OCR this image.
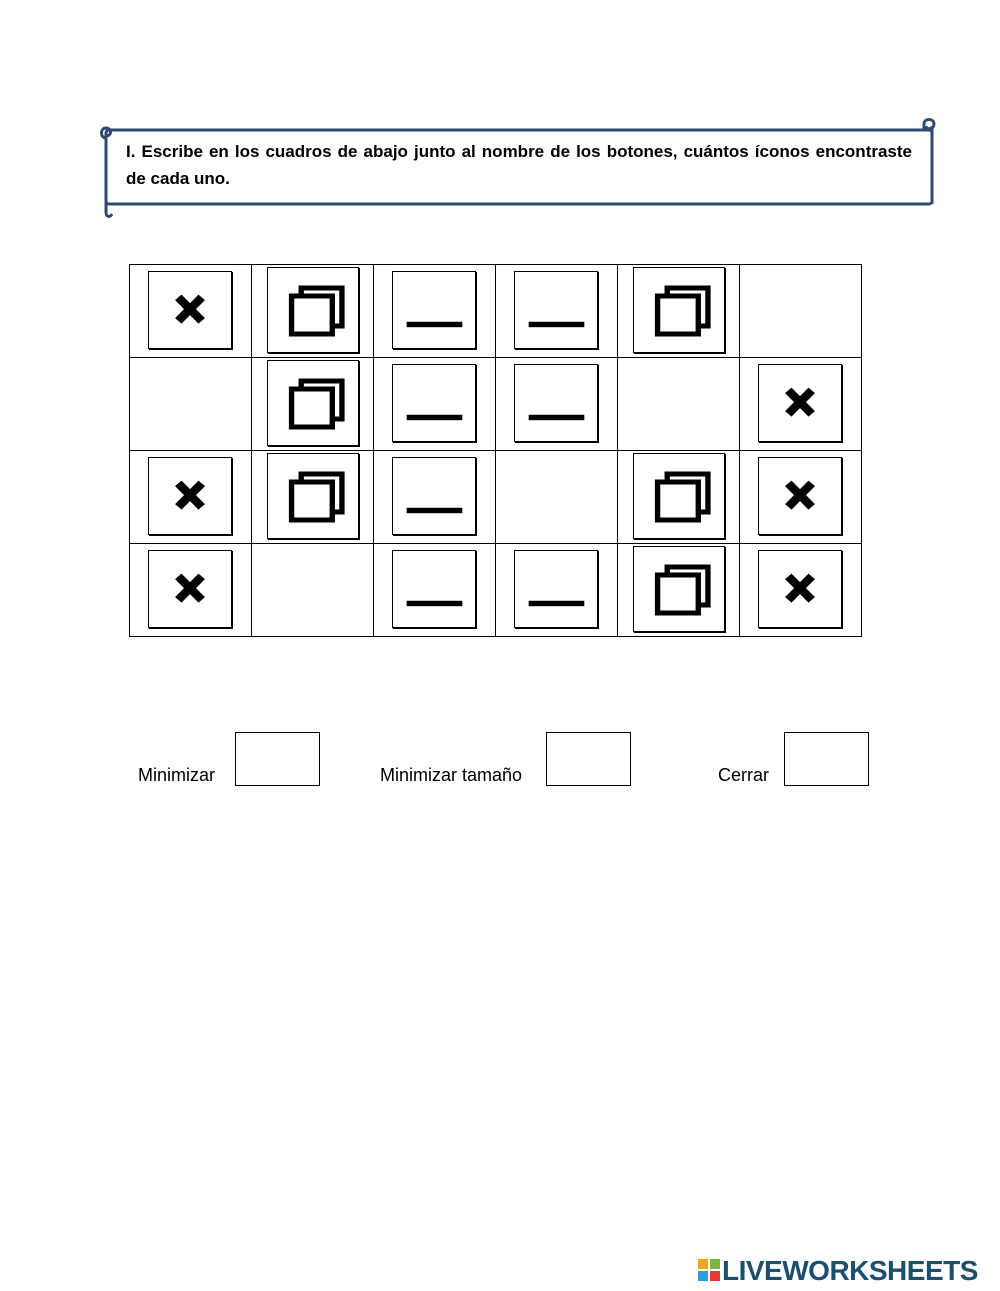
I. Escribe en los cuadros de abajo junto al nombre de los botones, cuántos íconos encontraste de cada uno.

Minimizar	Minimizar tamaño	Cerrar
LIVEWORKSHEETS
